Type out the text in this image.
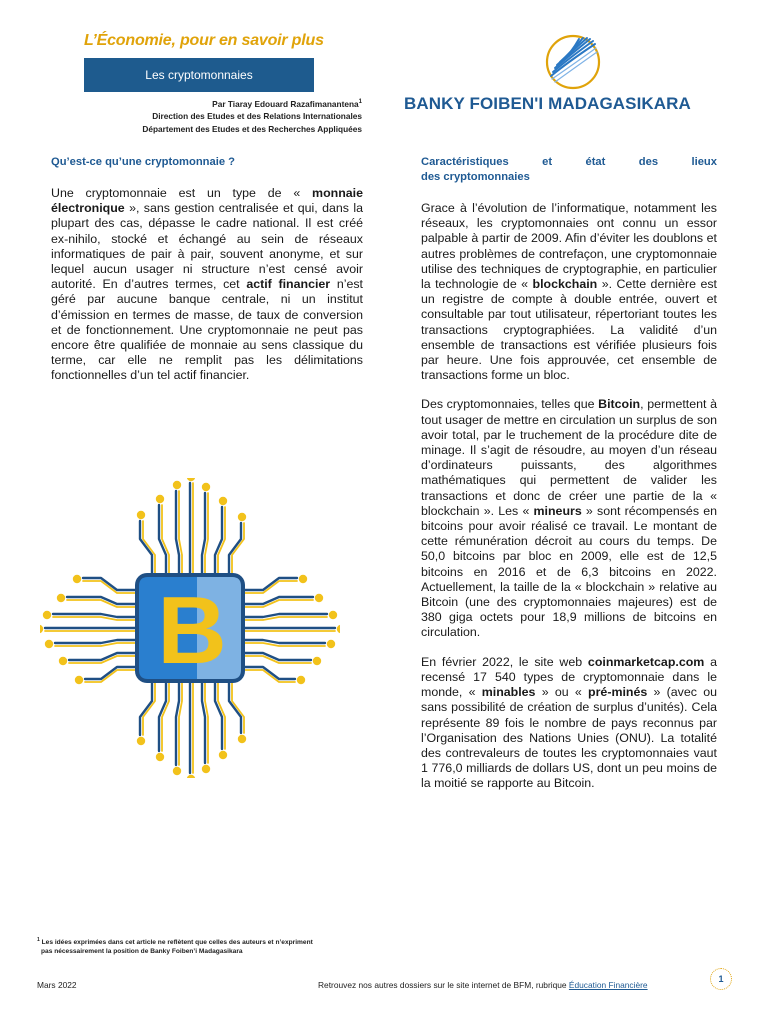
L’Économie, pour en savoir plus
Les cryptomonnaies
Par Tiaray Edouard Razafimanantena$^1$
Direction des Etudes et des Relations Internationales
Département des Etudes et des Recherches Appliquées
BANKY FOIBEN'I MADAGASIKARA
Qu’est-ce qu’une cryptomonnaie ?

Une cryptomonnaie est un type de « monnaie électronique », sans gestion centralisée et qui, dans la plupart des cas, dépasse le cadre national. Il est créé ex-nihilo, stocké et échangé au sein de réseaux informatiques de pair à pair, souvent anonyme, et sur lequel aucun usager ni structure n’est censé avoir autorité. En d’autres termes, cet actif financier n’est géré par aucune banque centrale, ni un institut d’émission en termes de masse, de taux de conversion et de fonctionnement. Une cryptomonnaie ne peut pas encore être qualifiée de monnaie au sens classique du terme, car elle ne remplit pas les délimitations fonctionnelles d’un tel actif financier.

B
Caractéristiques et état des lieux
des cryptomonnaies

Grace à l’évolution de l’informatique, notamment les réseaux, les cryptomonnaies ont connu un essor palpable à partir de 2009. Afin d’éviter les doublons et autres problèmes de contrefaçon, une cryptomonnaie utilise des techniques de cryptographie, en particulier la technologie de « blockchain ». Cette dernière est un registre de compte à double entrée, ouvert et consultable par tout utilisateur, répertoriant toutes les transactions cryptographiées. La validité d’un ensemble de transactions est vérifiée plusieurs fois par heure. Une fois approuvée, cet ensemble de transactions forme un bloc.

Des cryptomonnaies, telles que Bitcoin, permettent à tout usager de mettre en circulation un surplus de son avoir total, par le truchement de la procédure dite de minage. Il s’agit de résoudre, au moyen d’un réseau d’ordinateurs puissants, des algorithmes mathématiques qui permettent de valider les transactions et donc de créer une partie de la « blockchain ». Les « mineurs » sont récompensés en bitcoins pour avoir réalisé ce travail. Le montant de cette rémunération décroit au cours du temps. De 50,0 bitcoins par bloc en 2009, elle est de 12,5 bitcoins en 2016 et de 6,3 bitcoins en 2022. Actuellement, la taille de la « blockchain » relative au Bitcoin (une des cryptomonnaies majeures) est de 380 giga octets pour 18,9 millions de bitcoins en circulation.

En février 2022, le site web coinmarketcap.com a recensé 17 540 types de cryptomonnaie dans le monde, « minables » ou « pré-minés » (avec ou sans possibilité de création de surplus d’unités). Cela représente 89 fois le nombre de pays reconnus par l’Organisation des Nations Unies (ONU). La totalité des contrevaleurs de toutes les cryptomonnaies vaut 1 776,0 milliards de dollars US, dont un peu moins de la moitié se rapporte au Bitcoin.

$^1$ Les idées exprimées dans cet article ne reflètent que celles des auteurs et n’expriment
pas nécessairement la position de Banky Foiben’i Madagasikara
Mars 2022	Retrouvez nos autres dossiers sur le site internet de BFM, rubrique Éducation Financière
1
